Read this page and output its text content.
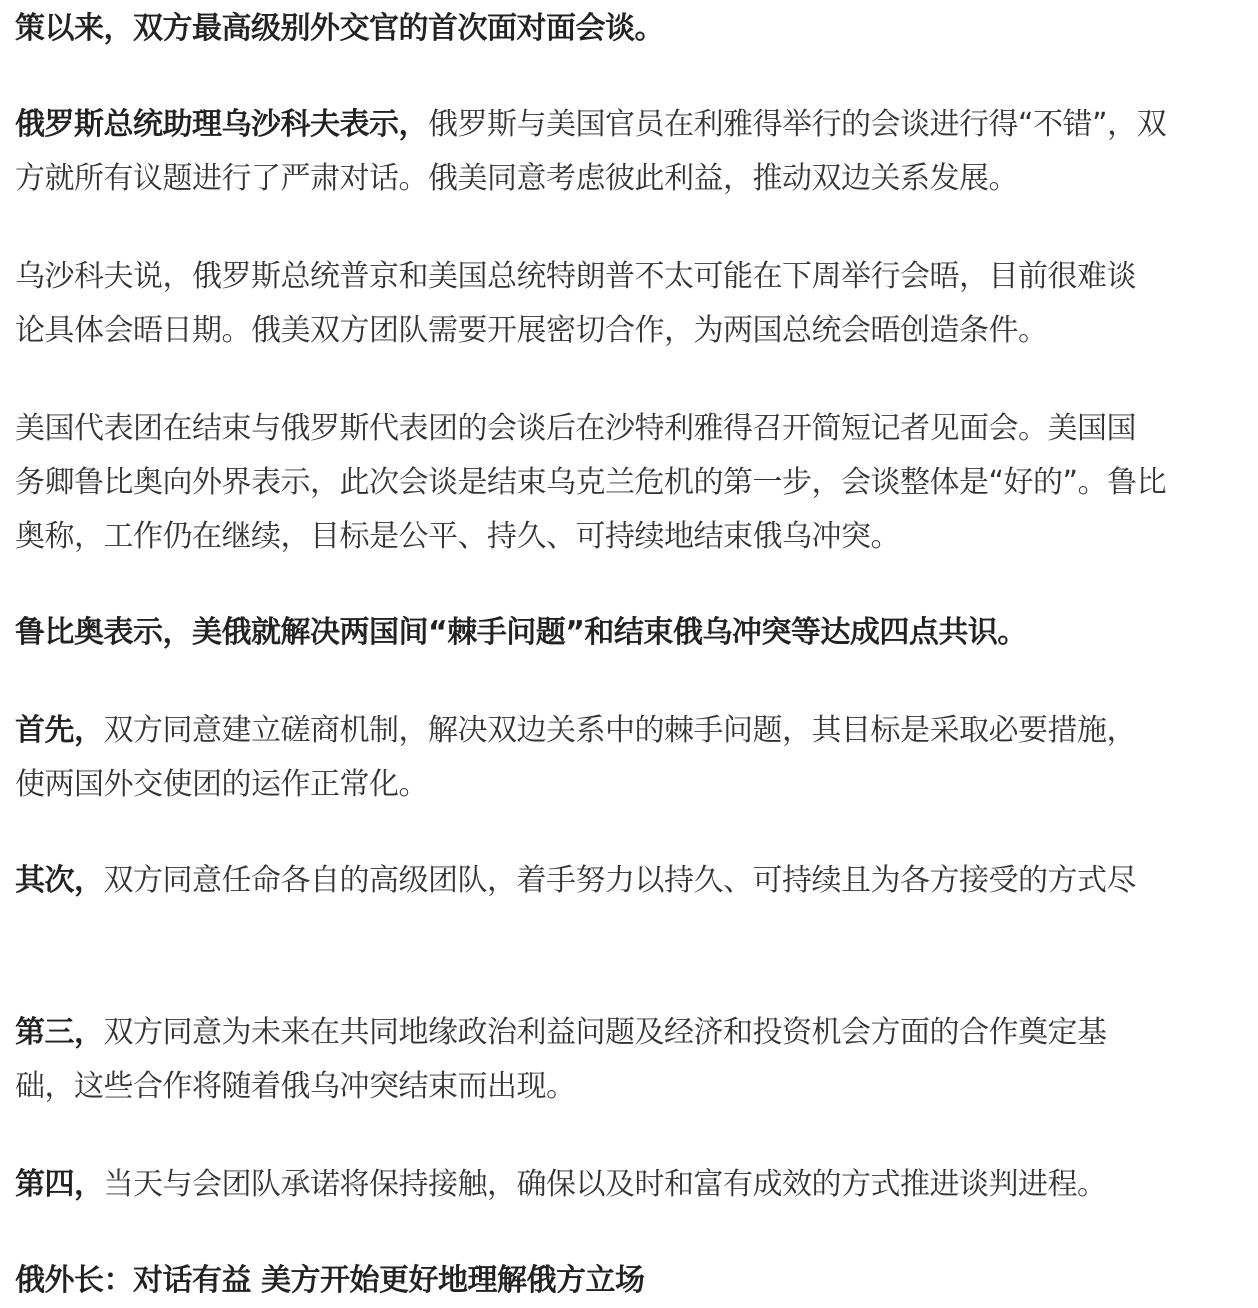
策以来，双方最高级别外交官的首次面对面会谈。

俄罗斯总统助理乌沙科夫表示，俄罗斯与美国官员在利雅得举行的会谈进行得“不错”，双
方就所有议题进行了严肃对话。俄美同意考虑彼此利益，推动双边关系发展。

乌沙科夫说，俄罗斯总统普京和美国总统特朗普不太可能在下周举行会晤，目前很难谈
论具体会晤日期。俄美双方团队需要开展密切合作，为两国总统会晤创造条件。

美国代表团在结束与俄罗斯代表团的会谈后在沙特利雅得召开简短记者见面会。美国国
务卿鲁比奥向外界表示，此次会谈是结束乌克兰危机的第一步，会谈整体是“好的”。鲁比
奥称，工作仍在继续，目标是公平、持久、可持续地结束俄乌冲突。

鲁比奥表示，美俄就解决两国间“棘手问题”和结束俄乌冲突等达成四点共识。

首先，双方同意建立磋商机制，解决双边关系中的棘手问题，其目标是采取必要措施，
使两国外交使团的运作正常化。

其次，双方同意任命各自的高级团队，着手努力以持久、可持续且为各方接受的方式尽

第三，双方同意为未来在共同地缘政治利益问题及经济和投资机会方面的合作奠定基
础，这些合作将随着俄乌冲突结束而出现。

第四，当天与会团队承诺将保持接触，确保以及时和富有成效的方式推进谈判进程。

俄外长：对话有益 美方开始更好地理解俄方立场
